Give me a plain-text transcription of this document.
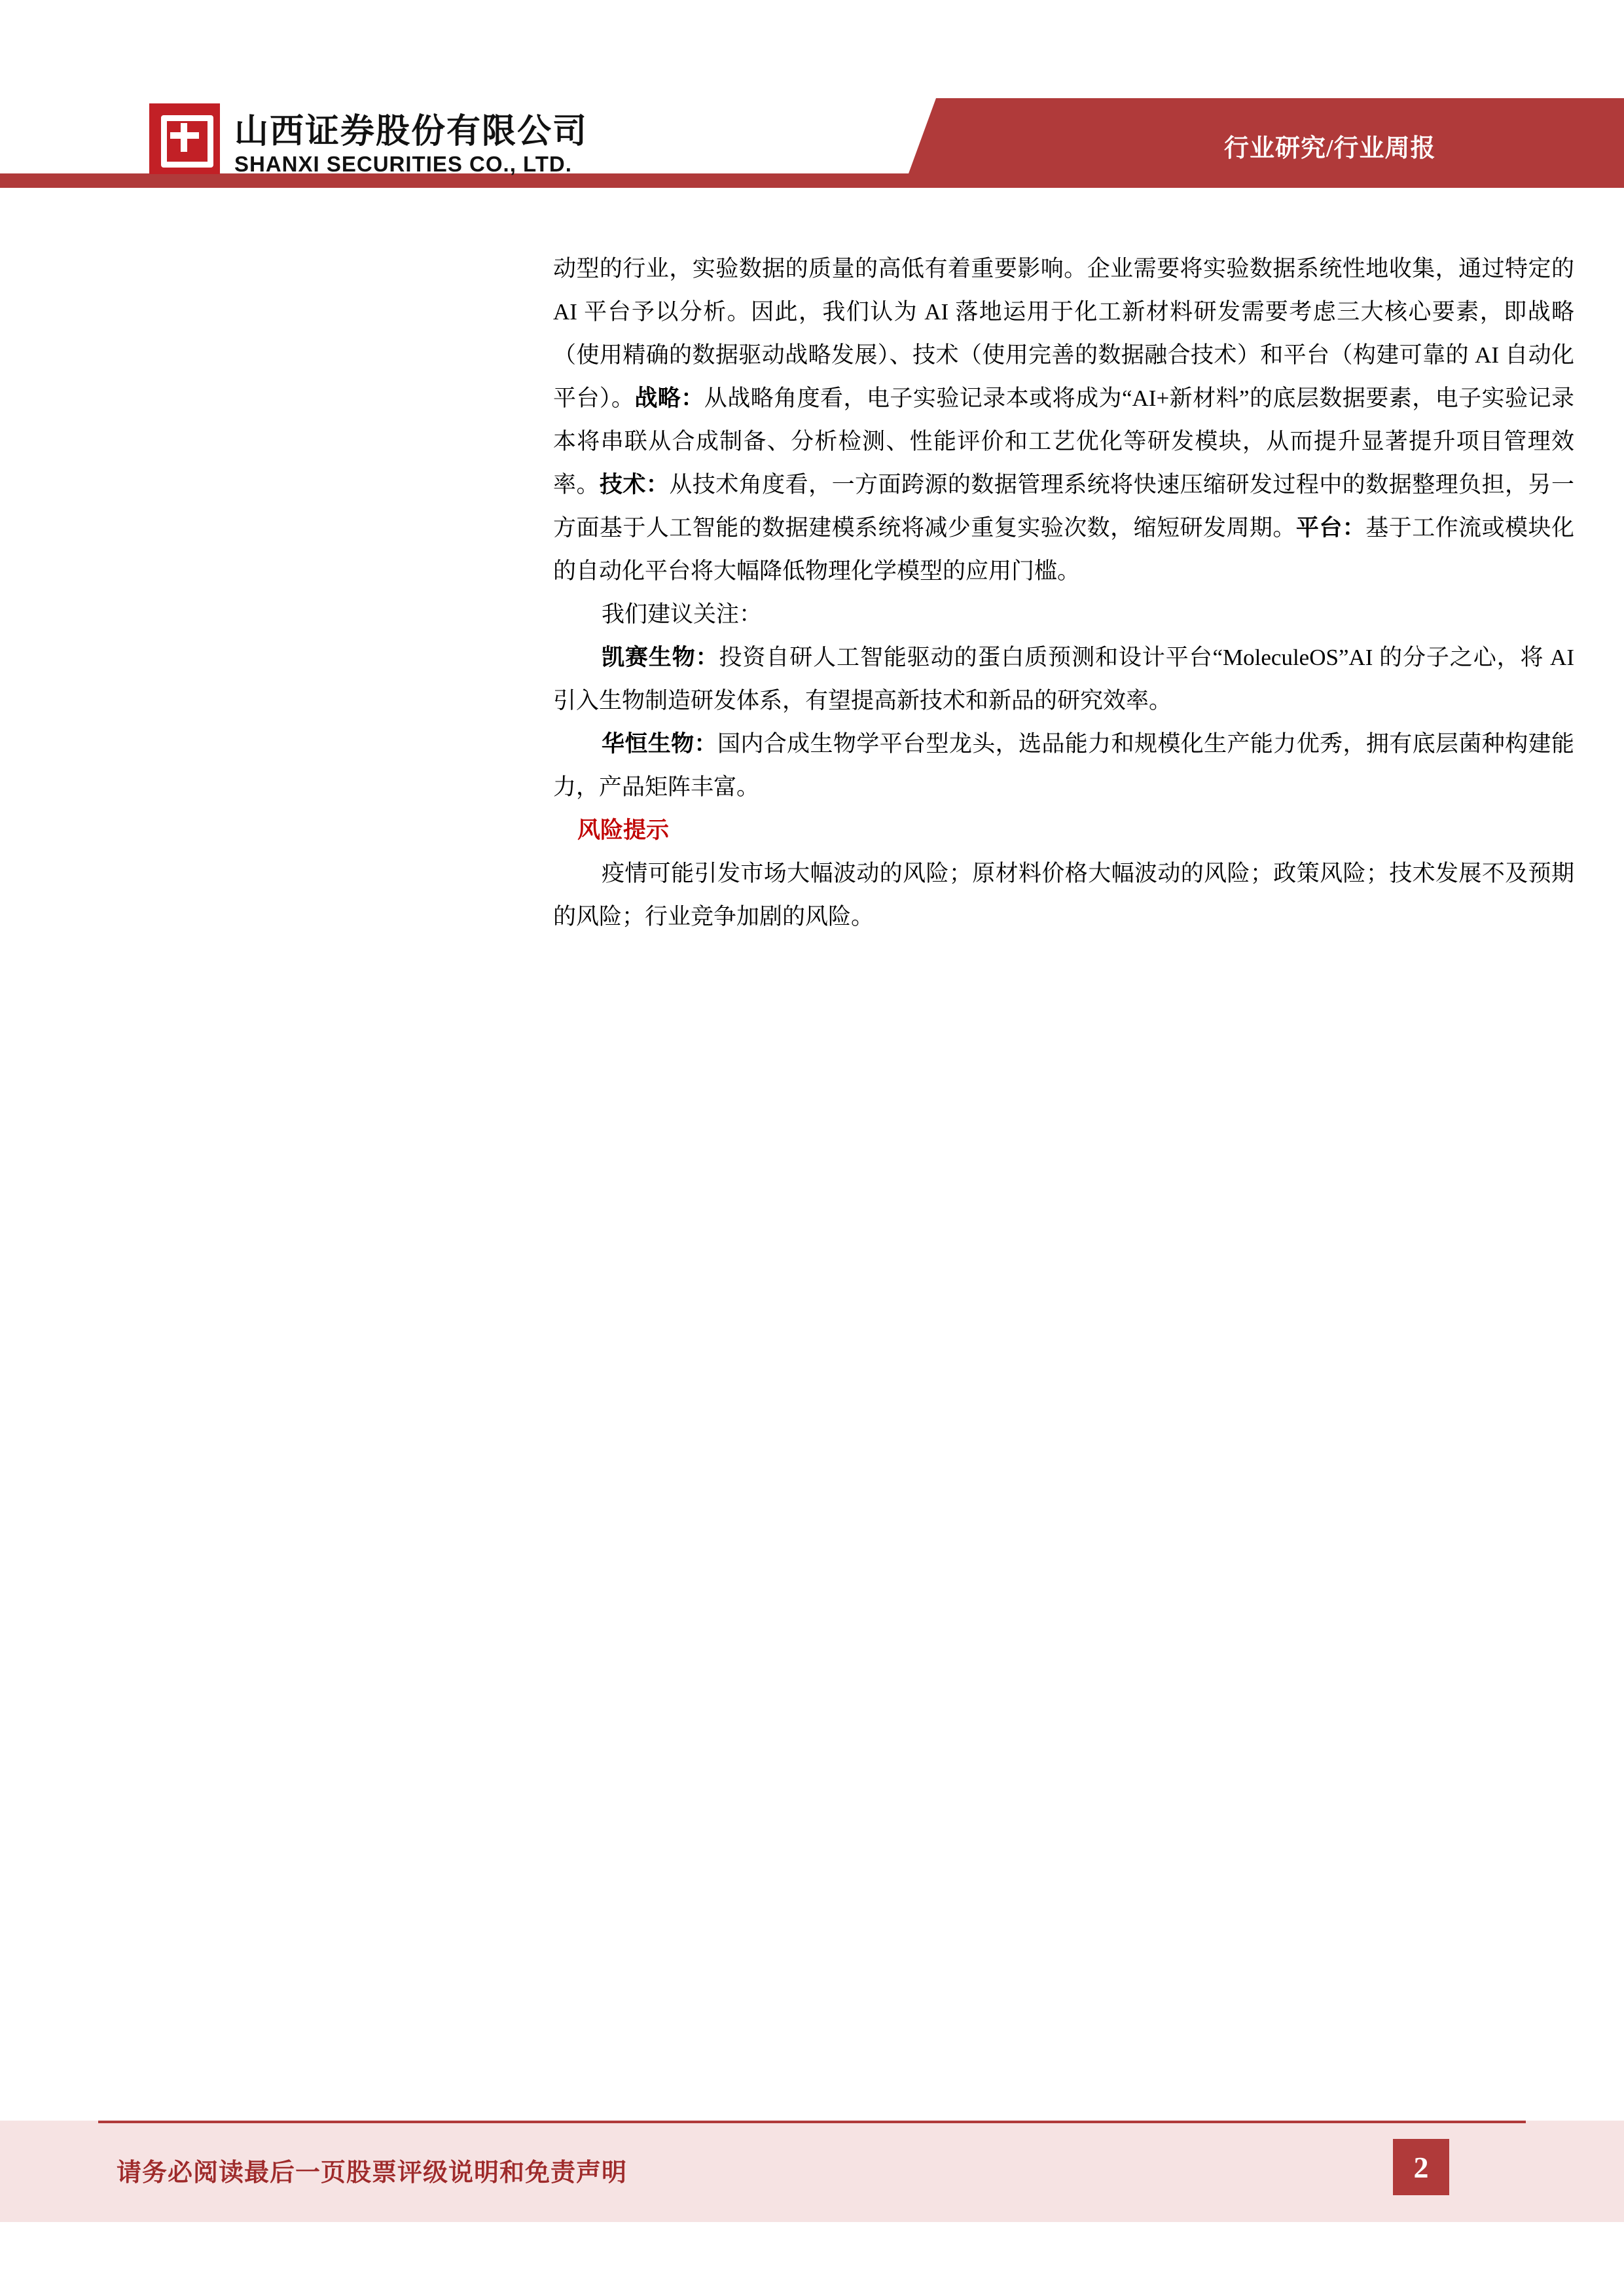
行业研究/行业周报
山西证券股份有限公司
SHANXI SECURITIES CO., LTD.

动型的行业，实验数据的质量的高低有着重要影响。企业需要将实验数据系统性地收集，通过特定的 AI 平台予以分析。因此，我们认为 AI 落地运用于化工新材料研发需要考虑三大核心要素，即战略（使用精确的数据驱动战略发展）、技术（使用完善的数据融合技术）和平台（构建可靠的 AI 自动化平台）。战略：从战略角度看，电子实验记录本或将成为“AI+新材料”的底层数据要素，电子实验记录本将串联从合成制备、分析检测、性能评价和工艺优化等研发模块，从而提升显著提升项目管理效率。技术：从技术角度看，一方面跨源的数据管理系统将快速压缩研发过程中的数据整理负担，另一方面基于人工智能的数据建模系统将减少重复实验次数，缩短研发周期。平台：基于工作流或模块化的自动化平台将大幅降低物理化学模型的应用门槛。

我们建议关注：

凯赛生物：投资自研人工智能驱动的蛋白质预测和设计平台“MoleculeOS”AI 的分子之心，将 AI 引入生物制造研发体系，有望提高新技术和新品的研究效率。

华恒生物：国内合成生物学平台型龙头，选品能力和规模化生产能力优秀，拥有底层菌种构建能力，产品矩阵丰富。

风险提示

疫情可能引发市场大幅波动的风险；原材料价格大幅波动的风险；政策风险；技术发展不及预期的风险；行业竞争加剧的风险。

请务必阅读最后一页股票评级说明和免责声明	2
